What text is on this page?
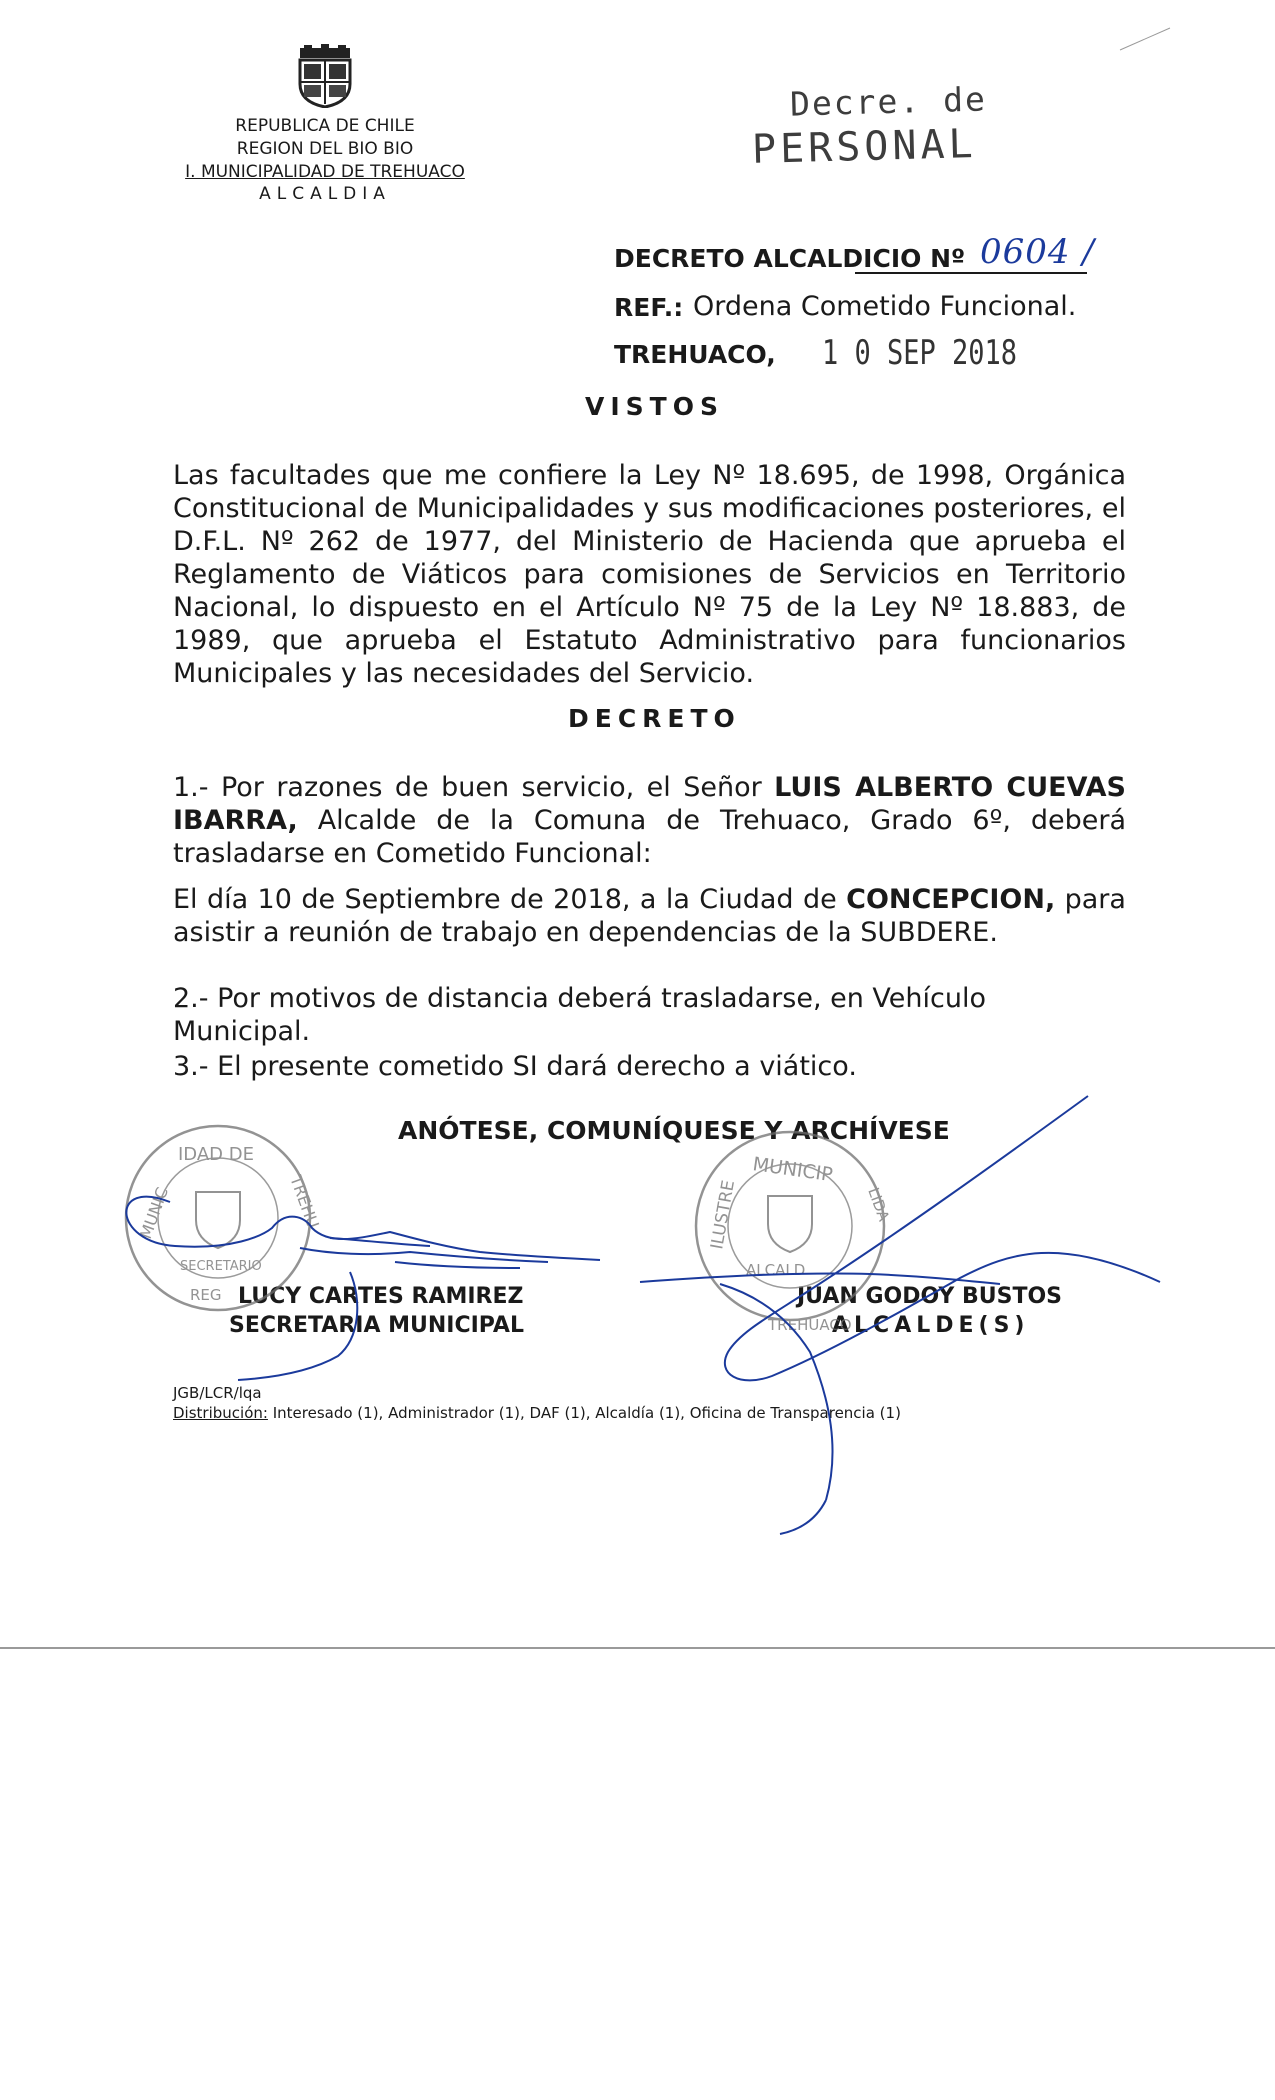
REPUBLICA DE CHILE
REGION DEL BIO BIO
I. MUNICIPALIDAD DE TREHUACO
ALCALDIA
Decre. de
PERSONAL
DECRETO ALCALDICIO Nº 0604 /
REF.: Ordena Cometido Funcional.
TREHUACO, 1 0 SEP 2018
VISTOS
Las facultades que me confiere la Ley Nº 18.695, de 1998, Orgánica Constitucional de Municipalidades y sus modificaciones posteriores, el D.F.L. Nº 262 de 1977, del Ministerio de Hacienda que aprueba el Reglamento de Viáticos para comisiones de Servicios en Territorio Nacional, lo dispuesto en el Artículo Nº 75 de la Ley Nº 18.883, de 1989, que aprueba el Estatuto Administrativo para funcionarios Municipales y las necesidades del Servicio.
DECRETO
1.- Por razones de buen servicio, el Señor LUIS ALBERTO CUEVAS IBARRA, Alcalde de la Comuna de Trehuaco, Grado 6º, deberá trasladarse en Cometido Funcional:
El día 10 de Septiembre de 2018, a la Ciudad de CONCEPCION, para asistir a reunión de trabajo en dependencias de la SUBDERE.
2.- Por motivos de distancia deberá trasladarse, en Vehículo Municipal.
3.- El presente cometido SI dará derecho a viático.
ANÓTESE, COMUNÍQUESE Y ARCHÍVESE
LUCY CARTES RAMIREZ
SECRETARIA MUNICIPAL
JUAN GODOY BUSTOS
ALCALDE(S)
JGB/LCR/lqa
Distribución: Interesado (1), Administrador (1), DAF (1), Alcaldía (1), Oficina de Transparencia (1)
IDAD DE
MUNIC	TREHU
SECRETARIO
REG
MUNICIP
ILUSTRE
ALCALD
TREHUACO
LIDA
